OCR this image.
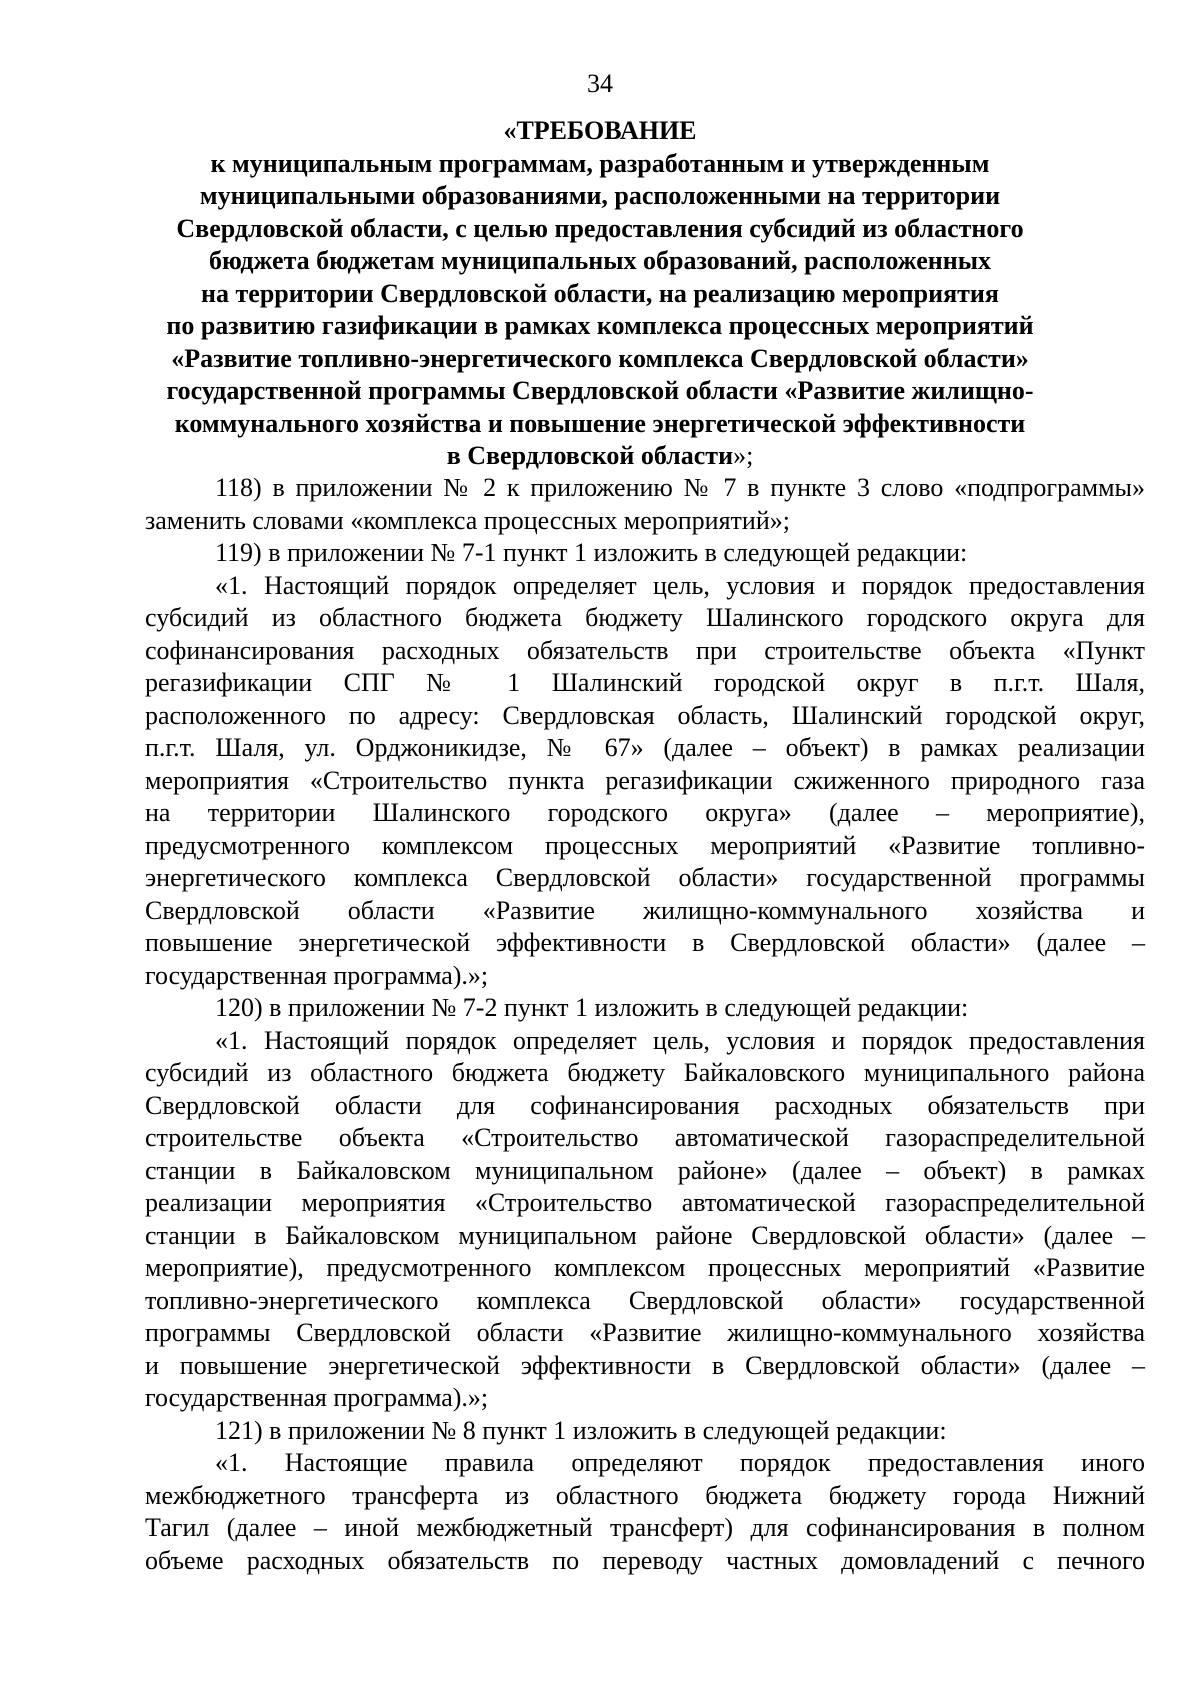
34
«ТРЕБОВАНИЕ
к муниципальным программам, разработанным и утвержденным
муниципальными образованиями, расположенными на территории
Свердловской области, с целью предоставления субсидий из областного
бюджета бюджетам муниципальных образований, расположенных
на территории Свердловской области, на реализацию мероприятия
по развитию газификации в рамках комплекса процессных мероприятий
«Развитие топливно-энергетического комплекса Свердловской области»
государственной программы Свердловской области «Развитие жилищно-
коммунального хозяйства и повышение энергетической эффективности
в Свердловской области»;
118) в приложении № 2 к приложению № 7 в пункте 3 слово «подпрограммы»
заменить словами «комплекса процессных мероприятий»;
119) в приложении № 7-1 пункт 1 изложить в следующей редакции:
«1. Настоящий порядок определяет цель, условия и порядок предоставления
субсидий из областного бюджета бюджету Шалинского городского округа для
софинансирования расходных обязательств при строительстве объекта «Пункт
регазификации СПГ № 1 Шалинский городской округ в п.г.т. Шаля,
расположенного по адресу: Свердловская область, Шалинский городской округ,
п.г.т. Шаля, ул. Орджоникидзе, № 67» (далее – объект) в рамках реализации
мероприятия «Строительство пункта регазификации сжиженного природного газа
на территории Шалинского городского округа» (далее – мероприятие),
предусмотренного комплексом процессных мероприятий «Развитие топливно-
энергетического комплекса Свердловской области» государственной программы
Свердловской области «Развитие жилищно-коммунального хозяйства и
повышение энергетической эффективности в Свердловской области» (далее –
государственная программа).»;
120) в приложении № 7-2 пункт 1 изложить в следующей редакции:
«1. Настоящий порядок определяет цель, условия и порядок предоставления
субсидий из областного бюджета бюджету Байкаловского муниципального района
Свердловской области для софинансирования расходных обязательств при
строительстве объекта «Строительство автоматической газораспределительной
станции в Байкаловском муниципальном районе» (далее – объект) в рамках
реализации мероприятия «Строительство автоматической газораспределительной
станции в Байкаловском муниципальном районе Свердловской области» (далее –
мероприятие), предусмотренного комплексом процессных мероприятий «Развитие
топливно-энергетического комплекса Свердловской области» государственной
программы Свердловской области «Развитие жилищно-коммунального хозяйства
и повышение энергетической эффективности в Свердловской области» (далее –
государственная программа).»;
121) в приложении № 8 пункт 1 изложить в следующей редакции:
«1. Настоящие правила определяют порядок предоставления иного
межбюджетного трансферта из областного бюджета бюджету города Нижний
Тагил (далее – иной межбюджетный трансферт) для софинансирования в полном
объеме расходных обязательств по переводу частных домовладений с печного
